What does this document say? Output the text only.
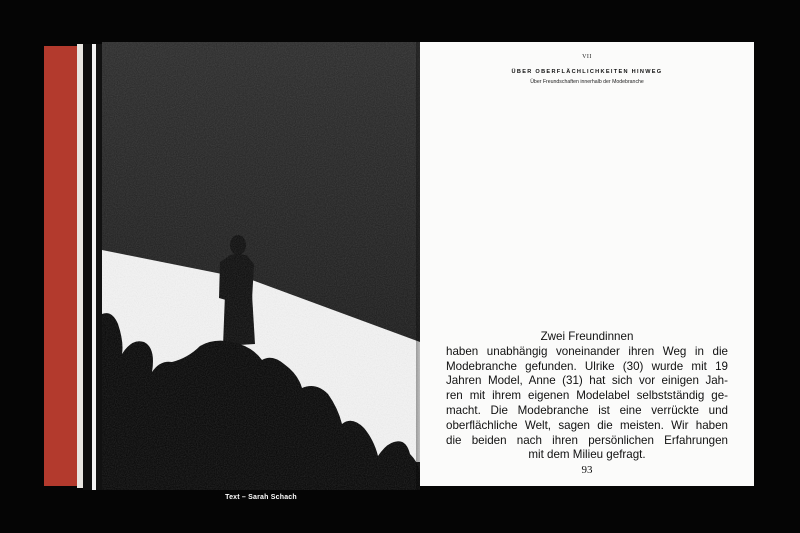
Text – Sarah Schach
VII
ÜBER OBERFLÄCHLICHKEITEN HINWEG
Über Freundschaften innerhalb der Modebranche
Zwei Freundinnen
haben unabhängig voneinander ihren Weg in die
Modebranche gefunden. Ulrike (30) wurde mit 19
Jahren Model, Anne (31) hat sich vor einigen Jah-
ren mit ihrem eigenen Modelabel selbstständig ge-
macht. Die Modebranche ist eine verrückte und
oberflächliche Welt, sagen die meisten. Wir haben
die beiden nach ihren persönlichen Erfahrungen
mit dem Milieu gefragt.
93
